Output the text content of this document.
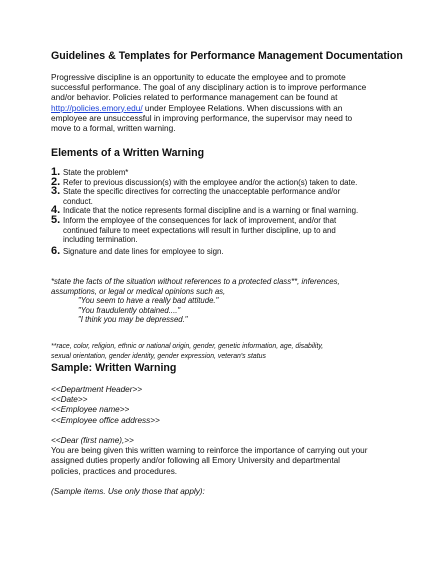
Guidelines & Templates for Performance Management Documentation
Progressive discipline is an opportunity to educate the employee and to promote
successful performance. The goal of any disciplinary action is to improve performance
and/or behavior. Policies related to performance management can be found at
http://policies.emory.edu/ under Employee Relations. When discussions with an
employee are unsuccessful in improving performance, the supervisor may need to
move to a formal, written warning.
Elements of a Written Warning
1. State the problem*
2. Refer to previous discussion(s) with the employee and/or the action(s) taken to date.
3. State the specific directives for correcting the unacceptable performance and/or
conduct.
4. Indicate that the notice represents formal discipline and is a warning or final warning.
5. Inform the employee of the consequences for lack of improvement, and/or that
continued failure to meet expectations will result in further discipline, up to and
including termination.
6. Signature and date lines for employee to sign.
*state the facts of the situation without references to a protected class**, inferences,
assumptions, or legal or medical opinions such as,
"You seem to have a really bad attitude."
"You fraudulently obtained...."
"I think you may be depressed."
**race, color, religion, ethnic or national origin, gender, genetic information, age, disability,
sexual orientation, gender identity, gender expression, veteran's status
Sample: Written Warning
<<Department Header>>
<<Date>>
<<Employee name>>
<<Employee office address>>
<<Dear (first name),>>
You are being given this written warning to reinforce the importance of carrying out your
assigned duties properly and/or following all Emory University and departmental
policies, practices and procedures.
(Sample items. Use only those that apply):
